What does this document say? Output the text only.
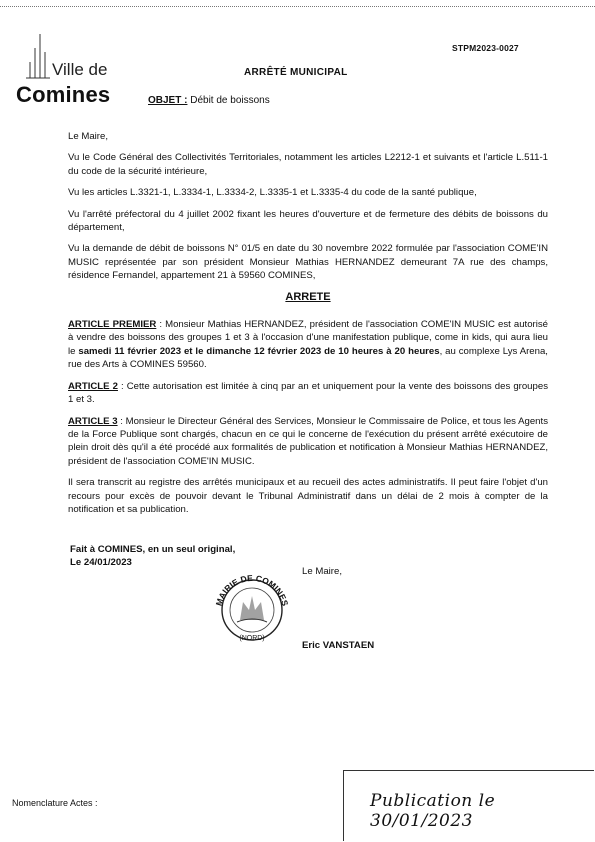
STPM2023-0027
Ville de
Comines
ARRÊTÉ MUNICIPAL
OBJET : Débit de boissons

Le Maire,

Vu le Code Général des Collectivités Territoriales, notamment les articles L2212-1 et suivants et l'article L.511-1 du code de la sécurité intérieure,

Vu les articles L.3321-1, L.3334-1, L.3334-2, L.3335-1 et L.3335-4 du code de la santé publique,

Vu l'arrêté préfectoral du 4 juillet 2002 fixant les heures d'ouverture et de fermeture des débits de boissons du département,

Vu la demande de débit de boissons N° 01/5 en date du 30 novembre 2022 formulée par l'association COME'IN MUSIC représentée par son président Monsieur Mathias HERNANDEZ demeurant 7A rue des champs, résidence Fernandel, appartement 21 à 59560 COMINES,

ARRETE

ARTICLE PREMIER : Monsieur Mathias HERNANDEZ, président de l'association COME'IN MUSIC est autorisé à vendre des boissons des groupes 1 et 3 à l'occasion d'une manifestation publique, come in kids, qui aura lieu le samedi 11 février 2023 et le dimanche 12 février 2023 de 10 heures à 20 heures, au complexe Lys Arena, rue des Arts à COMINES 59560.

ARTICLE 2 : Cette autorisation est limitée à cinq par an et uniquement pour la vente des boissons des groupes 1 et 3.

ARTICLE 3 : Monsieur le Directeur Général des Services, Monsieur le Commissaire de Police, et tous les Agents de la Force Publique sont chargés, chacun en ce qui le concerne de l'exécution du présent arrêté exécutoire de plein droit dès qu'il a été procédé aux formalités de publication et notification à Monsieur Mathias HERNANDEZ, président de l'association COME'IN MUSIC.

Il sera transcrit au registre des arrêtés municipaux et au recueil des actes administratifs. Il peut faire l'objet d'un recours pour excès de pouvoir devant le Tribunal Administratif dans un délai de 2 mois à compter de la notification et sa publication.

Fait à COMINES, en un seul original,
Le 24/01/2023
Le Maire,
MAIRIE DE COMINES
(NORD)
Eric VANSTAEN
Nomenclature Actes :	Publication le 30/01/2023
